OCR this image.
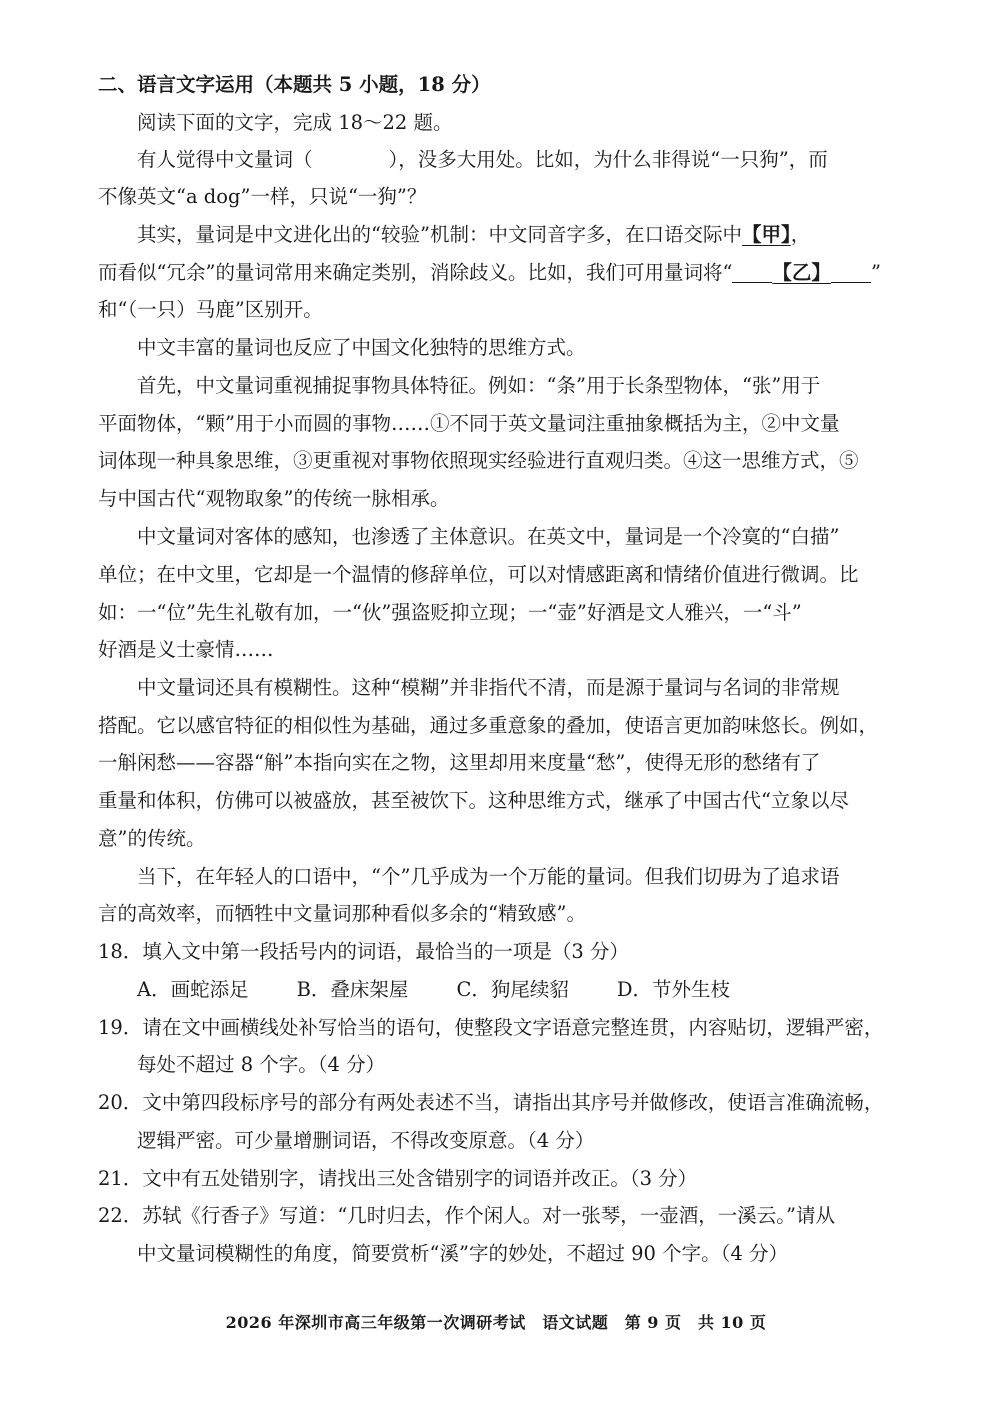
二、语言文字运用（本题共 5 小题，18 分）
阅读下面的文字，完成 18～22 题。
有人觉得中文量词（	），没多大用处。比如，为什么非得说“一只狗”，而
不像英文“a dog”一样，只说“一狗”？
其实，量词是中文进化出的“较验”机制：中文同音字多，在口语交际中【甲】，
而看似“冗余”的量词常用来确定类别，消除歧义。比如，我们可用量词将“ 【乙】 ”
和“（一只）马鹿”区别开。
中文丰富的量词也反应了中国文化独特的思维方式。
首先，中文量词重视捕捉事物具体特征。例如：“条”用于长条型物体，“张”用于
平面物体，“颗”用于小而圆的事物……①不同于英文量词注重抽象概括为主，②中文量
词体现一种具象思维，③更重视对事物依照现实经验进行直观归类。④这一思维方式，⑤
与中国古代“观物取象”的传统一脉相承。
中文量词对客体的感知，也渗透了主体意识。在英文中，量词是一个冷寞的“白描”
单位；在中文里，它却是一个温情的修辞单位，可以对情感距离和情绪价值进行微调。比
如：一“位”先生礼敬有加，一“伙”强盗贬抑立现；一“壶”好酒是文人雅兴，一“斗”
好酒是义士豪情……
中文量词还具有模糊性。这种“模糊”并非指代不清，而是源于量词与名词的非常规
搭配。它以感官特征的相似性为基础，通过多重意象的叠加，使语言更加韵味悠长。例如，
一斛闲愁——容器“斛”本指向实在之物，这里却用来度量“愁”，使得无形的愁绪有了
重量和体积，仿佛可以被盛放，甚至被饮下。这种思维方式，继承了中国古代“立象以尽
意”的传统。
当下，在年轻人的口语中，“个”几乎成为一个万能的量词。但我们切毋为了追求语
言的高效率，而牺牲中文量词那种看似多余的“精致感”。
18．填入文中第一段括号内的词语，最恰当的一项是（3 分）
A．画蛇添足 B．叠床架屋 C．狗尾续貂 D．节外生枝
19．请在文中画横线处补写恰当的语句，使整段文字语意完整连贯，内容贴切，逻辑严密，
每处不超过 8 个字。（4 分）
20．文中第四段标序号的部分有两处表述不当，请指出其序号并做修改，使语言准确流畅，
逻辑严密。可少量增删词语，不得改变原意。（4 分）
21．文中有五处错别字，请找出三处含错别字的词语并改正。（3 分）
22．苏轼《行香子》写道：“几时归去，作个闲人。对一张琴，一壶酒，一溪云。”请从
中文量词模糊性的角度，简要赏析“溪”字的妙处，不超过 90 个字。（4 分）
2026 年深圳市高三年级第一次调研考试　语文试题　第 9 页　共 10 页
